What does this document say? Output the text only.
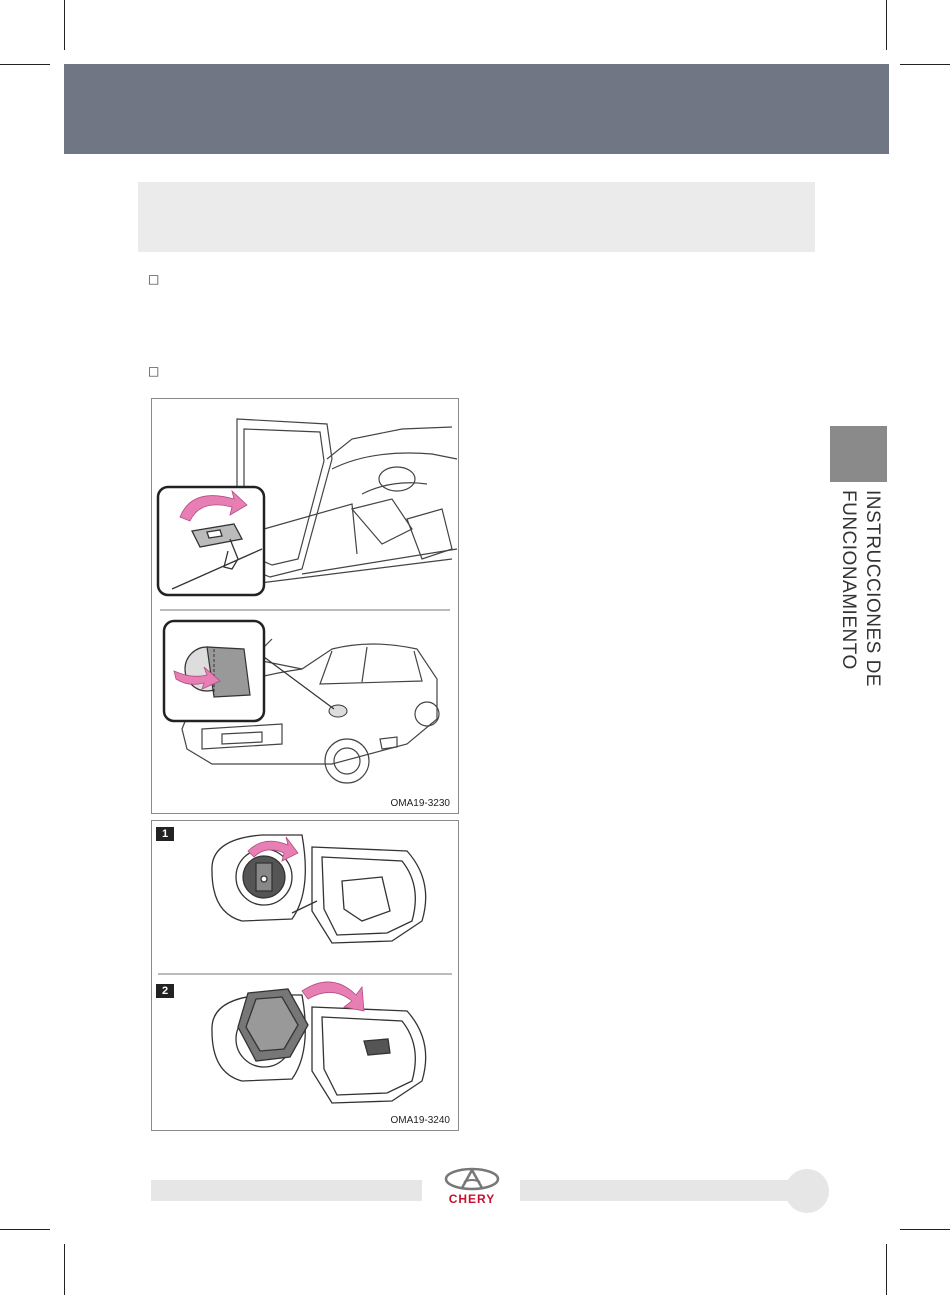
□
□
INSTRUCCIONES DE
FUNCIONAMIENTO
OMA19-3230
1
2
OMA19-3240
CHERY
